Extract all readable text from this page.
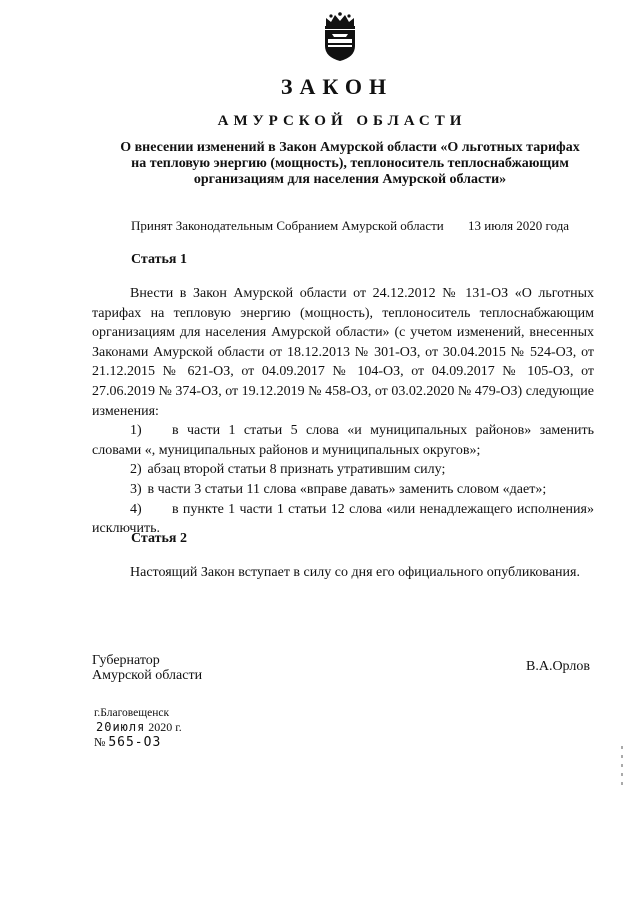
ЗАКОН
АМУРСКОЙ ОБЛАСТИ
О внесении изменений в Закон Амурской области «О льготных тарифах
на тепловую энергию (мощность), теплоноситель теплоснабжающим
организациям для населения Амурской области»
Принят Законодательным Собранием Амурской области 13 июля 2020 года
Статья 1
Внести в Закон Амурской области от 24.12.2012 № 131-ОЗ «О льготных тарифах на тепловую энергию (мощность), теплоноситель теплоснабжающим организациям для населения Амурской области» (с учетом изменений, внесенных Законами Амурской области от 18.12.2013 № 301-ОЗ, от 30.04.2015 № 524-ОЗ, от 21.12.2015 № 621-ОЗ, от 04.09.2017 № 104-ОЗ, от 04.09.2017 № 105-ОЗ, от 27.06.2019 № 374-ОЗ, от 19.12.2019 № 458-ОЗ, от 03.02.2020 № 479-ОЗ) следующие изменения:
1) в части 1 статьи 5 слова «и муниципальных районов» заменить словами «, муниципальных районов и муниципальных округов»;
2) абзац второй статьи 8 признать утратившим силу;
3) в части 3 статьи 11 слова «вправе давать» заменить словом «дает»;
4) в пункте 1 части 1 статьи 12 слова «или ненадлежащего исполнения» исключить.
Статья 2
Настоящий Закон вступает в силу со дня его официального опубликования.
Губернатор
Амурской области
В.А.Орлов
г.Благовещенск
20июля 2020 г.
№ 565-ОЗ
